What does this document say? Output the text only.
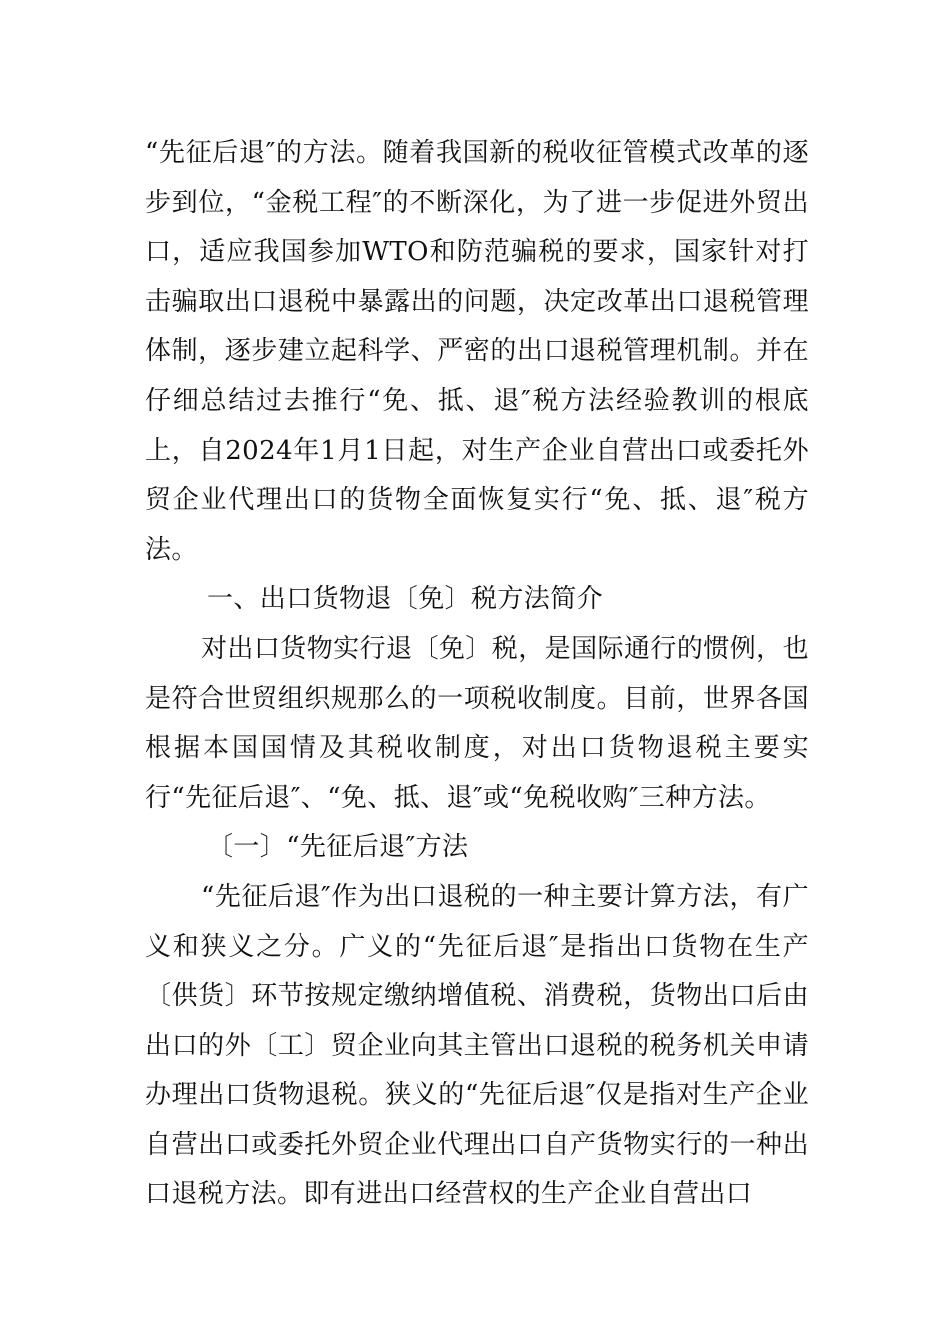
“先征后退″的方法。随着我国新的税收征管模式改革的逐步到位，“金税工程″的不断深化，为了进一步促进外贸出口，适应我国参加WTO和防范骗税的要求，国家针对打击骗取出口退税中暴露出的问题，决定改革出口退税管理体制，逐步建立起科学、严密的出口退税管理机制。并在仔细总结过去推行“免、抵、退″税方法经验教训的根底上，自2024年1月1日起，对生产企业自营出口或委托外贸企业代理出口的货物全面恢复实行“免、抵、退″税方法。

一、出口货物退〔免〕税方法简介

对出口货物实行退〔免〕税，是国际通行的惯例，也是符合世贸组织规那么的一项税收制度。目前，世界各国根据本国国情及其税收制度，对出口货物退税主要实行“先征后退″、“免、抵、退″或“免税收购″三种方法。

〔一〕“先征后退″方法

“先征后退″作为出口退税的一种主要计算方法，有广义和狭义之分。广义的“先征后退″是指出口货物在生产〔供货〕环节按规定缴纳增值税、消费税，货物出口后由出口的外〔工〕贸企业向其主管出口退税的税务机关申请办理出口货物退税。狭义的“先征后退″仅是指对生产企业自营出口或委托外贸企业代理出口自产货物实行的一种出口退税方法。即有进出口经营权的生产企业自营出口
